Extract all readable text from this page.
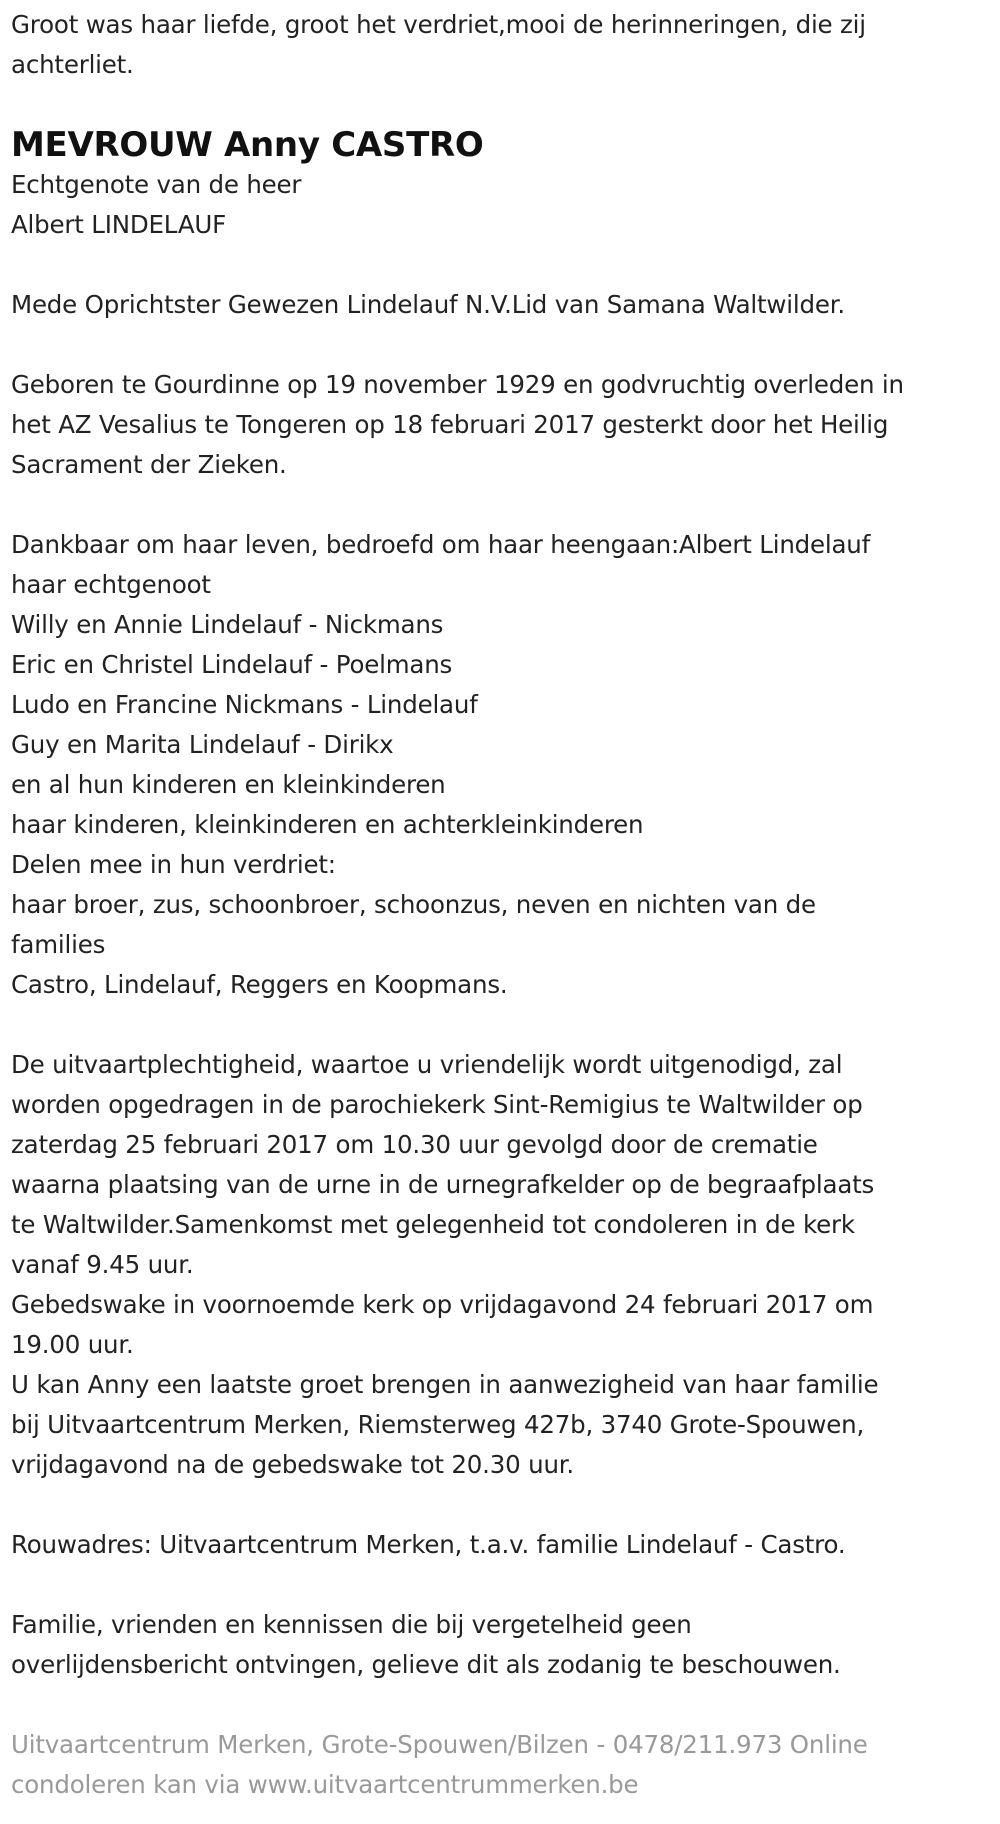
Groot was haar liefde, groot het verdriet,mooi de herinneringen, die zij
achterliet.
MEVROUW Anny CASTRO
Echtgenote van de heer
Albert LINDELAUF
Mede Oprichtster Gewezen Lindelauf N.V.Lid van Samana Waltwilder.
Geboren te Gourdinne op 19 november 1929 en godvruchtig overleden in
het AZ Vesalius te Tongeren op 18 februari 2017 gesterkt door het Heilig
Sacrament der Zieken.
Dankbaar om haar leven, bedroefd om haar heengaan:Albert Lindelauf
haar echtgenoot
Willy en Annie Lindelauf - Nickmans
Eric en Christel Lindelauf - Poelmans
Ludo en Francine Nickmans - Lindelauf
Guy en Marita Lindelauf - Dirikx
en al hun kinderen en kleinkinderen
haar kinderen, kleinkinderen en achterkleinkinderen
Delen mee in hun verdriet:
haar broer, zus, schoonbroer, schoonzus, neven en nichten van de
families
Castro, Lindelauf, Reggers en Koopmans.
De uitvaartplechtigheid, waartoe u vriendelijk wordt uitgenodigd, zal
worden opgedragen in de parochiekerk Sint-Remigius te Waltwilder op
zaterdag 25 februari 2017 om 10.30 uur gevolgd door de crematie
waarna plaatsing van de urne in de urnegrafkelder op de begraafplaats
te Waltwilder.Samenkomst met gelegenheid tot condoleren in de kerk
vanaf 9.45 uur.
Gebedswake in voornoemde kerk op vrijdagavond 24 februari 2017 om
19.00 uur.
U kan Anny een laatste groet brengen in aanwezigheid van haar familie
bij Uitvaartcentrum Merken, Riemsterweg 427b, 3740 Grote-Spouwen,
vrijdagavond na de gebedswake tot 20.30 uur.
Rouwadres: Uitvaartcentrum Merken, t.a.v. familie Lindelauf - Castro.
Familie, vrienden en kennissen die bij vergetelheid geen
overlijdensbericht ontvingen, gelieve dit als zodanig te beschouwen.
Uitvaartcentrum Merken, Grote-Spouwen/Bilzen - 0478/211.973 Online
condoleren kan via www.uitvaartcentrummerken.be
